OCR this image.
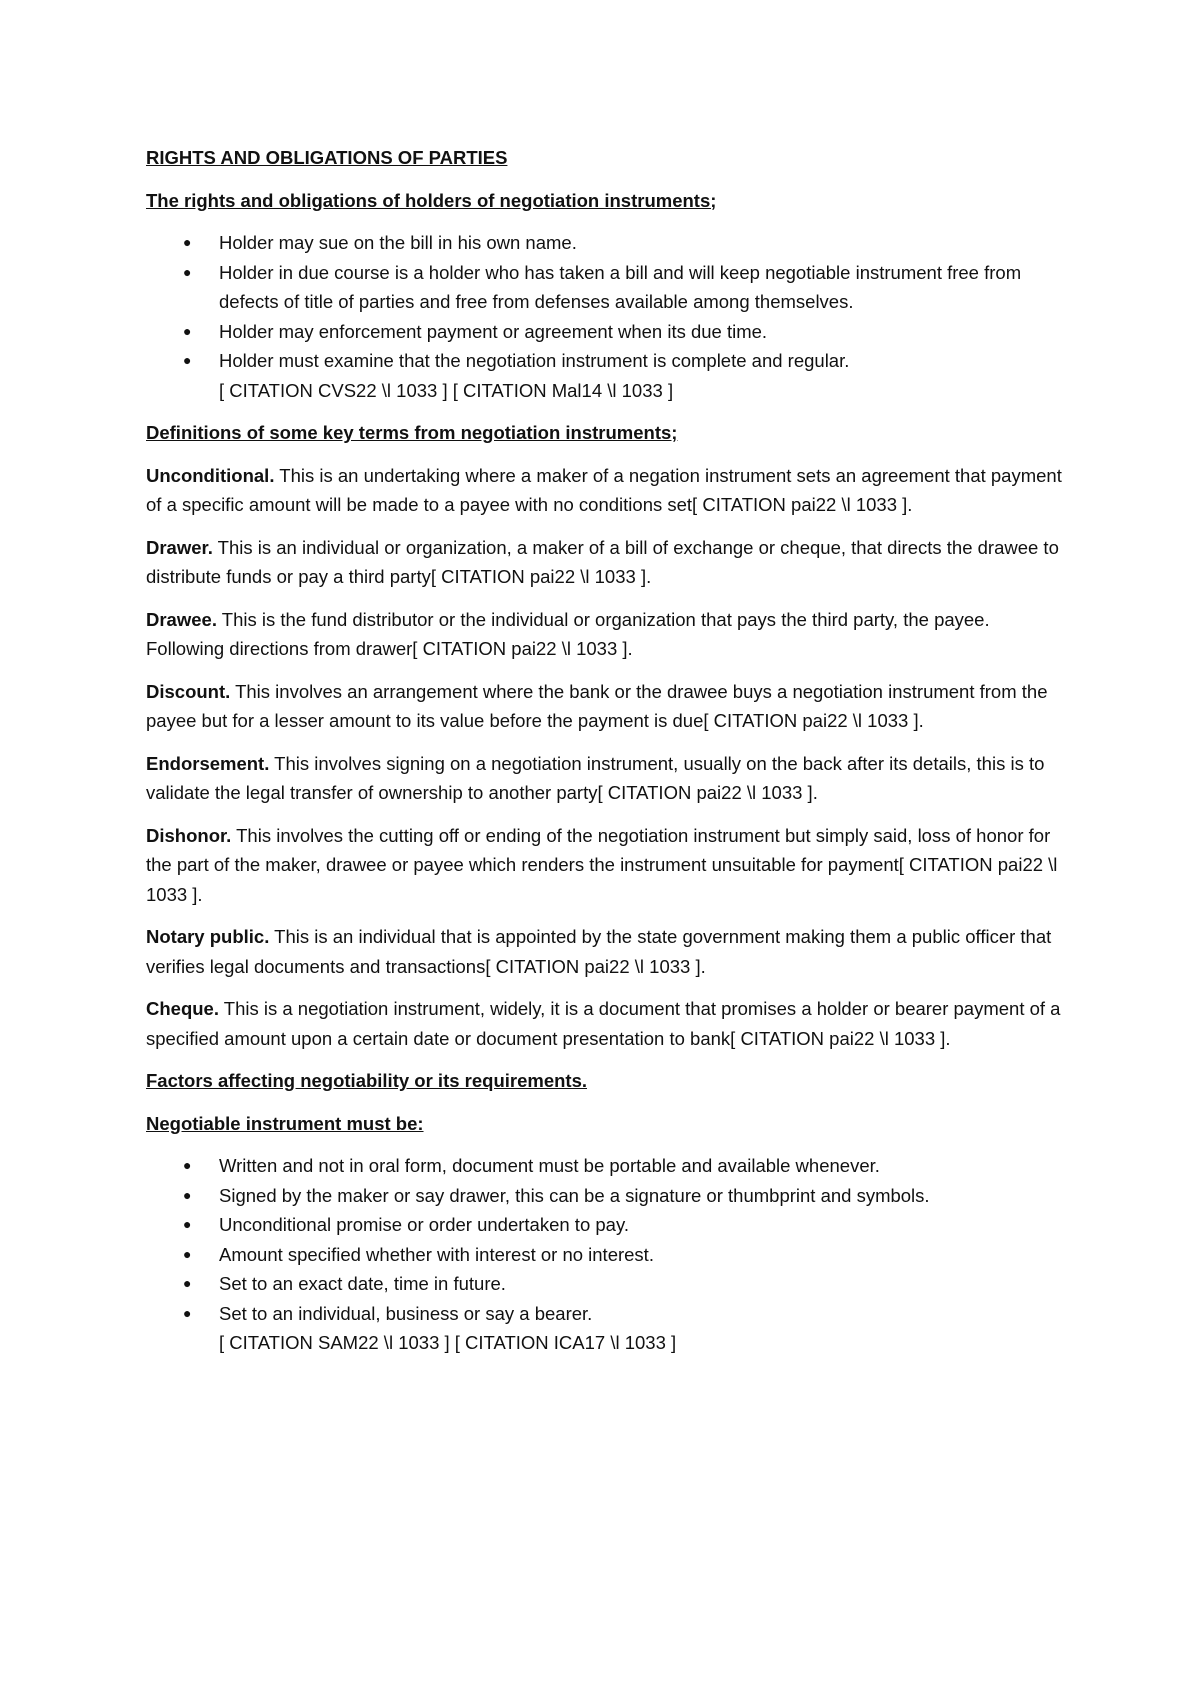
RIGHTS AND OBLIGATIONS OF PARTIES
The rights and obligations of holders of negotiation instruments;
● Holder may sue on the bill in his own name.
● Holder in due course is a holder who has taken a bill and will keep negotiable instrument free from defects of title of parties and free from defenses available among themselves.
● Holder may enforcement payment or agreement when its due time.
● Holder must examine that the negotiation instrument is complete and regular.
[ CITATION CVS22 \l 1033 ] [ CITATION Mal14 \l 1033 ]
Definitions of some key terms from negotiation instruments;

Unconditional. This is an undertaking where a maker of a negation instrument sets an agreement that payment of a specific amount will be made to a payee with no conditions set[ CITATION pai22 \l 1033 ].

Drawer. This is an individual or organization, a maker of a bill of exchange or cheque, that directs the drawee to distribute funds or pay a third party[ CITATION pai22 \l 1033 ].

Drawee. This is the fund distributor or the individual or organization that pays the third party, the payee. Following directions from drawer[ CITATION pai22 \l 1033 ].

Discount. This involves an arrangement where the bank or the drawee buys a negotiation instrument from the payee but for a lesser amount to its value before the payment is due[ CITATION pai22 \l 1033 ].

Endorsement. This involves signing on a negotiation instrument, usually on the back after its details, this is to validate the legal transfer of ownership to another party[ CITATION pai22 \l 1033 ].

Dishonor. This involves the cutting off or ending of the negotiation instrument but simply said, loss of honor for the part of the maker, drawee or payee which renders the instrument unsuitable for payment[ CITATION pai22 \l 1033 ].

Notary public. This is an individual that is appointed by the state government making them a public officer that verifies legal documents and transactions[ CITATION pai22 \l 1033 ].

Cheque. This is a negotiation instrument, widely, it is a document that promises a holder or bearer payment of a specified amount upon a certain date or document presentation to bank[ CITATION pai22 \l 1033 ].

Factors affecting negotiability or its requirements.
Negotiable instrument must be:
● Written and not in oral form, document must be portable and available whenever.
● Signed by the maker or say drawer, this can be a signature or thumbprint and symbols.
● Unconditional promise or order undertaken to pay.
● Amount specified whether with interest or no interest.
● Set to an exact date, time in future.
● Set to an individual, business or say a bearer.
[ CITATION SAM22 \l 1033 ] [ CITATION ICA17 \l 1033 ]
